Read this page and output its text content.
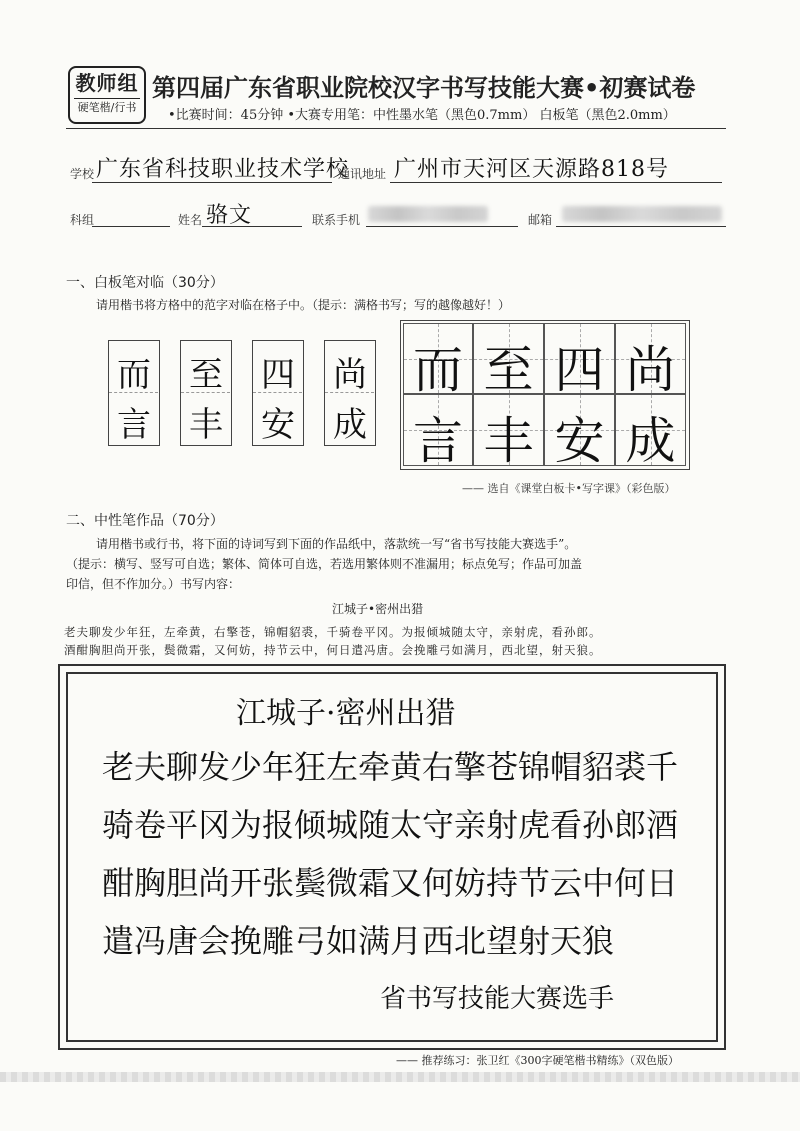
教师组
硬笔楷/行书
第四届广东省职业院校汉字书写技能大赛•初赛试卷
•比赛时间：45分钟 •大赛专用笔：中性墨水笔（黑色0.7mm） 白板笔（黑色2.0mm）
学校 广东省科技职业技术学校
通讯地址 广州市天河区天源路818号
科组	姓名 骆文	联系手机	邮箱
一、白板笔对临（30分）
请用楷书将方格中的范字对临在格子中。（提示：满格书写；写的越像越好！）
而
言
至
丰
四
安
尚
成
而 至 四 尚
言 丰 安 成
—— 选自《课堂白板卡•写字课》（彩色版）
二、中性笔作品（70分）
请用楷书或行书，将下面的诗词写到下面的作品纸中，落款统一写“省书写技能大赛选手”。
（提示：横写、竖写可自选；繁体、简体可自选，若选用繁体则不准漏用；标点免写；作品可加盖
印信，但不作加分。）书写内容：
江城子•密州出猎
老夫聊发少年狂，左牵黄，右擎苍，锦帽貂裘，千骑卷平冈。为报倾城随太守，亲射虎，看孙郎。
酒酣胸胆尚开张，鬓微霜，又何妨，持节云中，何日遣冯唐。会挽雕弓如满月，西北望，射天狼。
江城子·密州出猎
老夫聊发少年狂左牵黄右擎苍锦帽貂裘千
骑卷平冈为报倾城随太守亲射虎看孙郎酒
酣胸胆尚开张鬓微霜又何妨持节云中何日
遣冯唐会挽雕弓如满月西北望射天狼
省书写技能大赛选手
—— 推荐练习：张卫红《300字硬笔楷书精练》（双色版）
